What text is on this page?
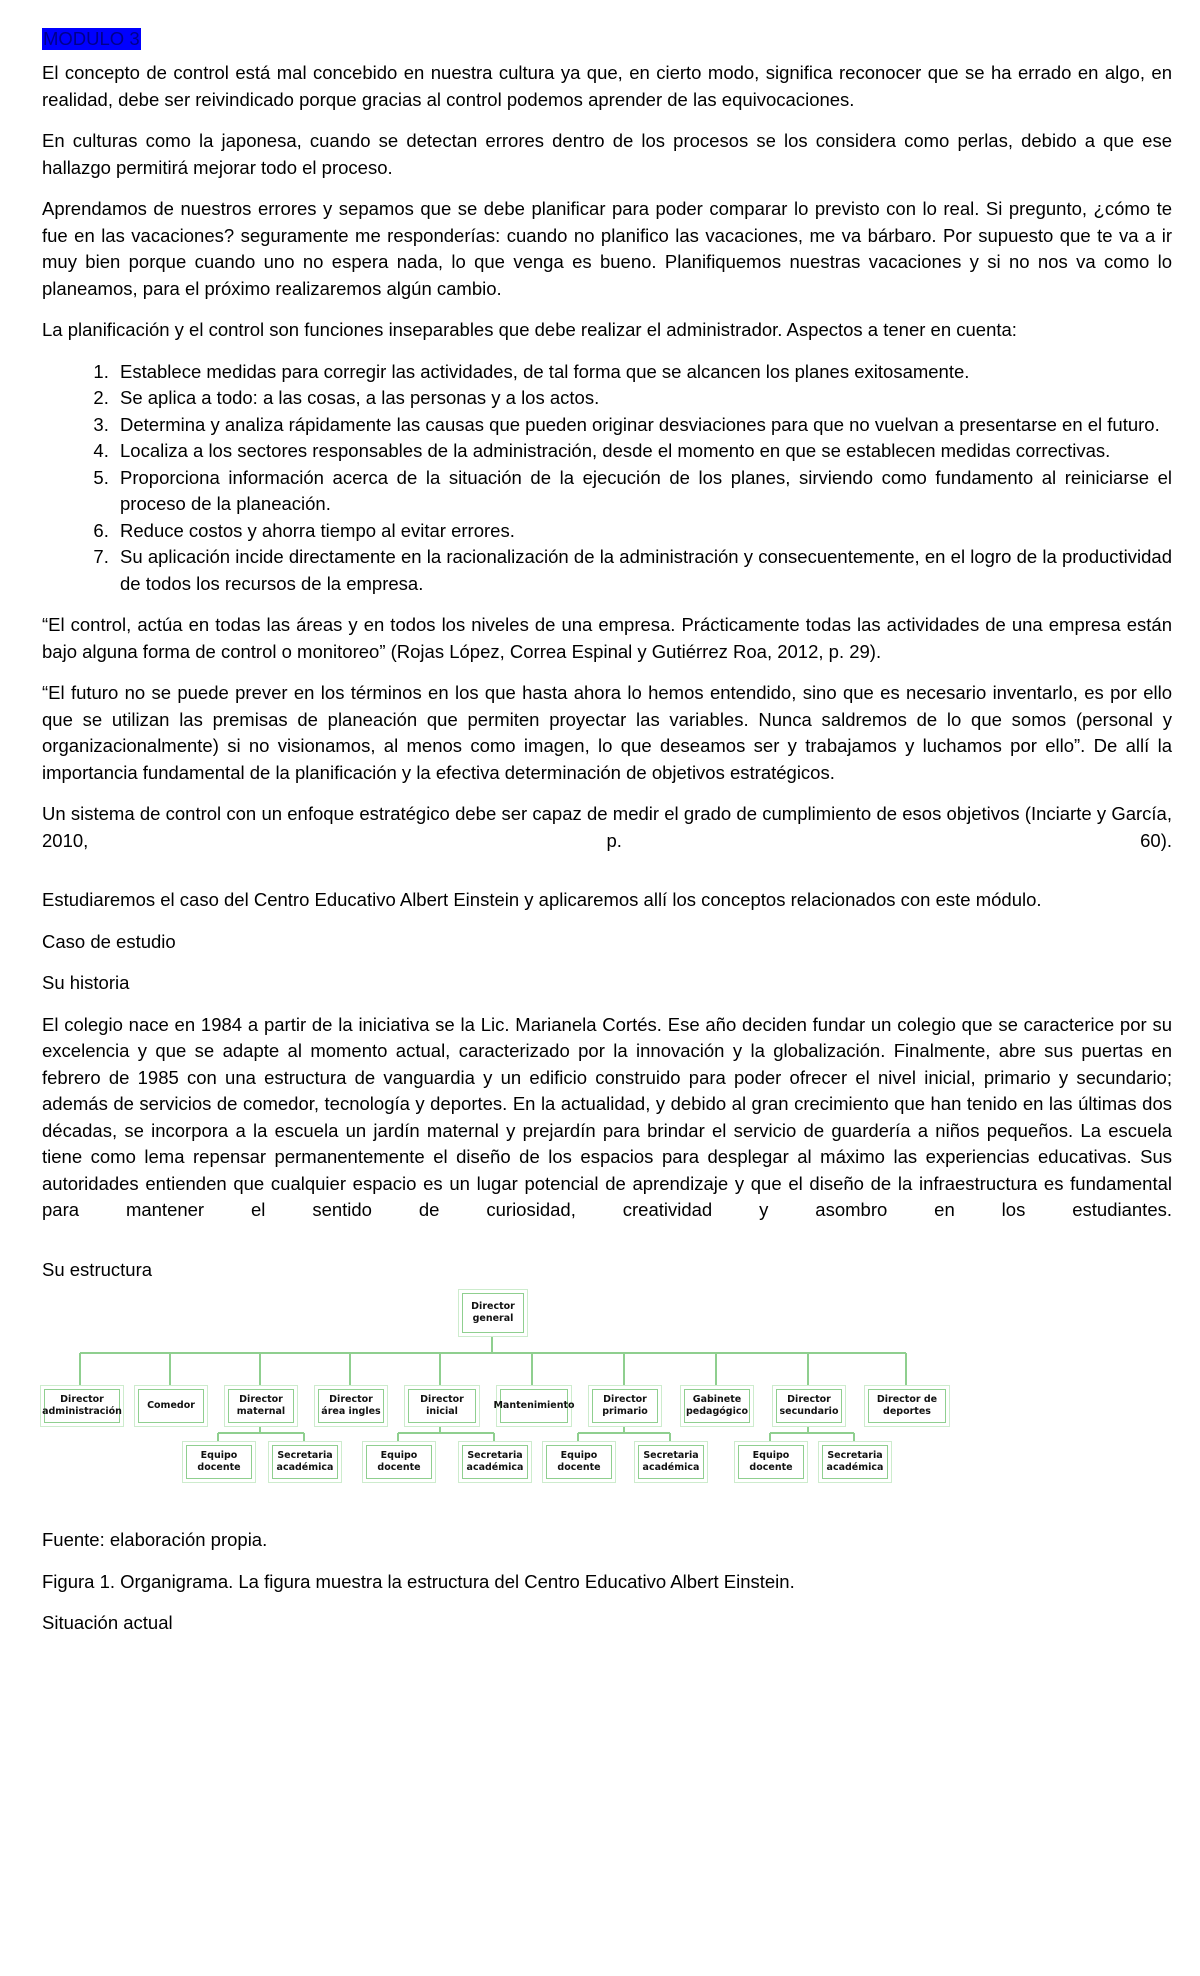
MODULO 3

El concepto de control está mal concebido en nuestra cultura ya que, en cierto modo, significa reconocer que se ha errado en algo, en realidad, debe ser reivindicado porque gracias al control podemos aprender de las equivocaciones.

En culturas como la japonesa, cuando se detectan errores dentro de los procesos se los considera como perlas, debido a que ese hallazgo permitirá mejorar todo el proceso.

Aprendamos de nuestros errores y sepamos que se debe planificar para poder comparar lo previsto con lo real. Si pregunto, ¿cómo te fue en las vacaciones? seguramente me responderías: cuando no planifico las vacaciones, me va bárbaro. Por supuesto que te va a ir muy bien porque cuando uno no espera nada, lo que venga es bueno. Planifiquemos nuestras vacaciones y si no nos va como lo planeamos, para el próximo realizaremos algún cambio.

La planificación y el control son funciones inseparables que debe realizar el administrador. Aspectos a tener en cuenta:

1. Establece medidas para corregir las actividades, de tal forma que se alcancen los planes exitosamente.
2. Se aplica a todo: a las cosas, a las personas y a los actos.
3. Determina y analiza rápidamente las causas que pueden originar desviaciones para que no vuelvan a presentarse en el futuro.
4. Localiza a los sectores responsables de la administración, desde el momento en que se establecen medidas correctivas.
5. Proporciona información acerca de la situación de la ejecución de los planes, sirviendo como fundamento al reiniciarse el proceso de la planeación.
6. Reduce costos y ahorra tiempo al evitar errores.
7. Su aplicación incide directamente en la racionalización de la administración y consecuentemente, en el logro de la productividad de todos los recursos de la empresa.

“El control, actúa en todas las áreas y en todos los niveles de una empresa. Prácticamente todas las actividades de una empresa están bajo alguna forma de control o monitoreo” (Rojas López, Correa Espinal y Gutiérrez Roa, 2012, p. 29).

“El futuro no se puede prever en los términos en los que hasta ahora lo hemos entendido, sino que es necesario inventarlo, es por ello que se utilizan las premisas de planeación que permiten proyectar las variables. Nunca saldremos de lo que somos (personal y organizacionalmente) si no visionamos, al menos como imagen, lo que deseamos ser y trabajamos y luchamos por ello”. De allí la importancia fundamental de la planificación y la efectiva determinación de objetivos estratégicos.

Un sistema de control con un enfoque estratégico debe ser capaz de medir el grado de cumplimiento de esos objetivos (Inciarte y García, 2010, p. 60).

Estudiaremos el caso del Centro Educativo Albert Einstein y aplicaremos allí los conceptos relacionados con este módulo.

Caso de estudio

Su historia

El colegio nace en 1984 a partir de la iniciativa se la Lic. Marianela Cortés. Ese año deciden fundar un colegio que se caracterice por su excelencia y que se adapte al momento actual, caracterizado por la innovación y la globalización. Finalmente, abre sus puertas en febrero de 1985 con una estructura de vanguardia y un edificio construido para poder ofrecer el nivel inicial, primario y secundario; además de servicios de comedor, tecnología y deportes. En la actualidad, y debido al gran crecimiento que han tenido en las últimas dos décadas, se incorpora a la escuela un jardín maternal y prejardín para brindar el servicio de guardería a niños pequeños. La escuela tiene como lema repensar permanentemente el diseño de los espacios para desplegar al máximo las experiencias educativas. Sus autoridades entienden que cualquier espacio es un lugar potencial de aprendizaje y que el diseño de la infraestructura es fundamental para mantener el sentido de curiosidad, creatividad y asombro en los estudiantes.

Su estructura

Director general
Director administración
Comedor
Director maternal
Director área ingles
Director inicial
Mantenimiento
Director primario
Gabinete pedagógico
Director secundario
Director de deportes
Equipo docente
Secretaria académica
Equipo docente
Secretaria académica
Equipo docente
Secretaria académica
Equipo docente
Secretaria académica

Fuente: elaboración propia.

Figura 1. Organigrama. La figura muestra la estructura del Centro Educativo Albert Einstein.

Situación actual
